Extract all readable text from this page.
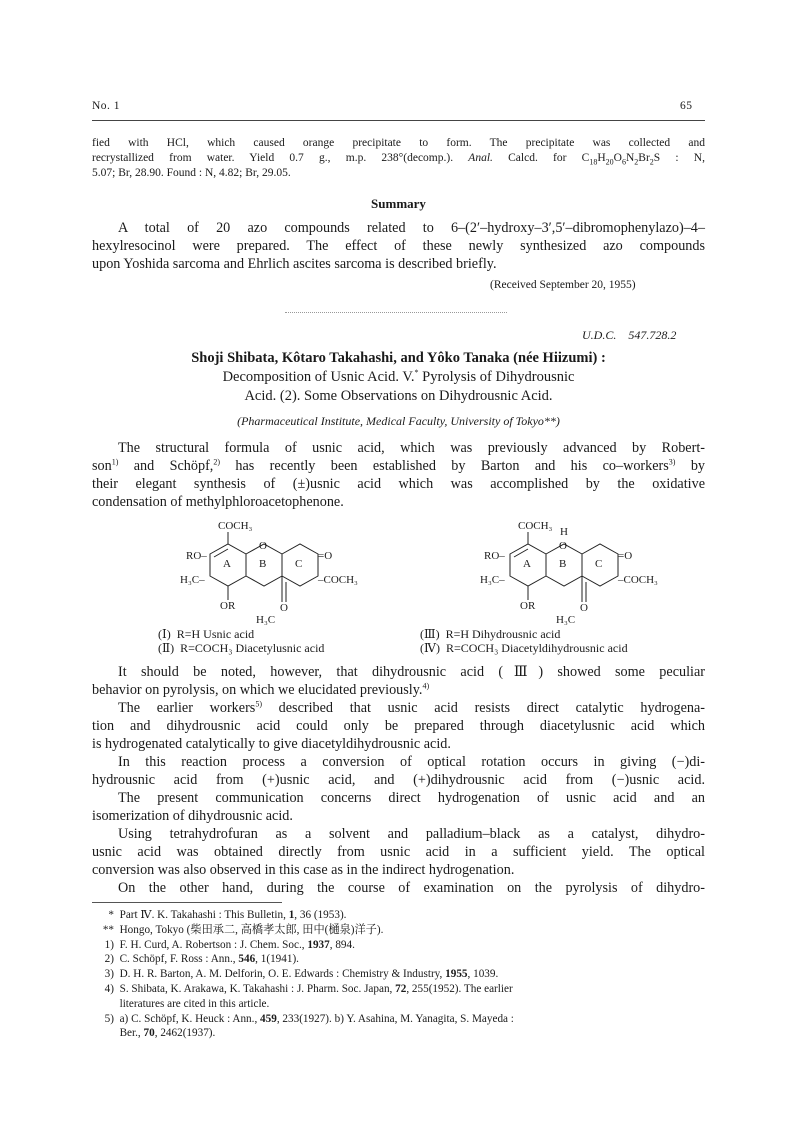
No. 1	65
fied with HCl, which caused orange precipitate to form. The precipitate was collected and
recrystallized from water. Yield 0.7 g., m.p. 238°(decomp.). Anal. Calcd. for $C_{18}H_{20}O_6N_2Br_2S$ : N,
5.07; Br, 28.90. Found : N, 4.82; Br, 29.05.
Summary
A total of 20 azo compounds related to 6–(2′–hydroxy–3′,5′–dibromophenylazo)–4–
hexylresocinol were prepared. The effect of these newly synthesized azo compounds
upon Yoshida sarcoma and Ehrlich ascites sarcoma is described briefly.
(Received September 20, 1955)
U.D.C. 547.728.2
Shoji Shibata, Kôtaro Takahashi, and Yôko Tanaka (née Hiizumi) :
Decomposition of Usnic Acid. V.* Pyrolysis of Dihydrousnic
Acid. (2). Some Observations on Dihydrousnic Acid.
(Pharmaceutical Institute, Medical Faculty, University of Tokyo**)
The structural formula of usnic acid, which was previously advanced by Robert-
son$^{1)}$ and Schöpf,$^{2)}$ has recently been established by Barton and his co–workers$^{3)}$ by
their elegant synthesis of (±)usnic acid which was accomplished by the oxidative
condensation of methylphloroacetophenone.
COCH₃
RO–
H₃C–
A	B	C
O
=O
–COCH₃
OR	O
H₃C
COCH₃ H
RO–
H₃C–
A	B	C
O
=O
–COCH₃
OR	O
H₃C
(Ⅰ) R=H Usnic acid
(Ⅱ) R=COCH₃ Diacetylusnic acid
(Ⅲ) R=H Dihydrousnic acid
(Ⅳ) R=COCH₃ Diacetyldihydrousnic acid
It should be noted, however, that dihydrousnic acid (Ⅲ) showed some peculiar
behavior on pyrolysis, on which we elucidated previously.$^{4)}$
The earlier workers$^{5)}$ described that usnic acid resists direct catalytic hydrogena-
tion and dihydrousnic acid could only be prepared through diacetylusnic acid which
is hydrogenated catalytically to give diacetyldihydrousnic acid.
In this reaction process a conversion of optical rotation occurs in giving (−)di-
hydrousnic acid from (+)usnic acid, and (+)dihydrousnic acid from (−)usnic acid.
The present communication concerns direct hydrogenation of usnic acid and an
isomerization of dihydrousnic acid.
Using tetrahydrofuran as a solvent and palladium–black as a catalyst, dihydro-
usnic acid was obtained directly from usnic acid in a sufficient yield. The optical
conversion was also observed in this case as in the indirect hydrogenation.
On the other hand, during the course of examination on the pyrolysis of dihydro-
* Part Ⅳ. K. Takahashi : This Bulletin, 1, 36 (1953).
** Hongo, Tokyo (柴田承二, 高橋孝太郎, 田中(樋泉)洋子).
1) F. H. Curd, A. Robertson : J. Chem. Soc., 1937, 894.
2) C. Schöpf, F. Ross : Ann., 546, 1(1941).
3) D. H. R. Barton, A. M. Delforin, O. E. Edwards : Chemistry & Industry, 1955, 1039.
4) S. Shibata, K. Arakawa, K. Takahashi : J. Pharm. Soc. Japan, 72, 255(1952). The earlier
literatures are cited in this article.
5) a) C. Schöpf, K. Heuck : Ann., 459, 233(1927). b) Y. Asahina, M. Yanagita, S. Mayeda :
Ber., 70, 2462(1937).
